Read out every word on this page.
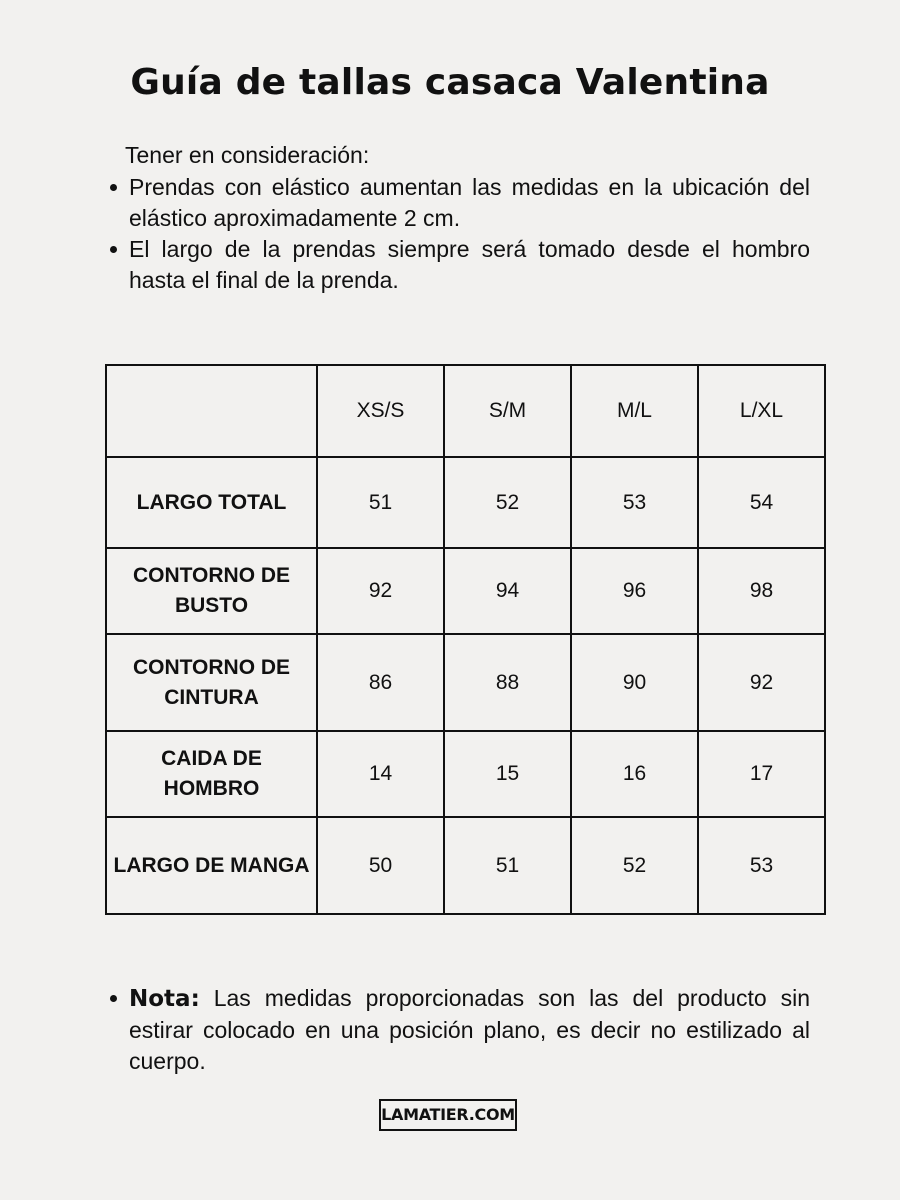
Guía de tallas casaca Valentina

Tener en consideración:

Prendas con elástico aumentan las medidas en la ubicación del elástico aproximadamente 2 cm.
El largo de la prendas siempre será tomado desde el hombro hasta el final de la prenda.
	XS/S	S/M	M/L	L/XL
LARGO TOTAL	51	52	53	54
CONTORNO DE BUSTO	92	94	96	98
CONTORNO DE CINTURA	86	88	90	92
CAIDA DE HOMBRO	14	15	16	17
LARGO DE MANGA	50	51	52	53
Nota: Las medidas proporcionadas son las del producto sin estirar colocado en una posición plano, es decir no estilizado al cuerpo.
LAMATIER.COM
